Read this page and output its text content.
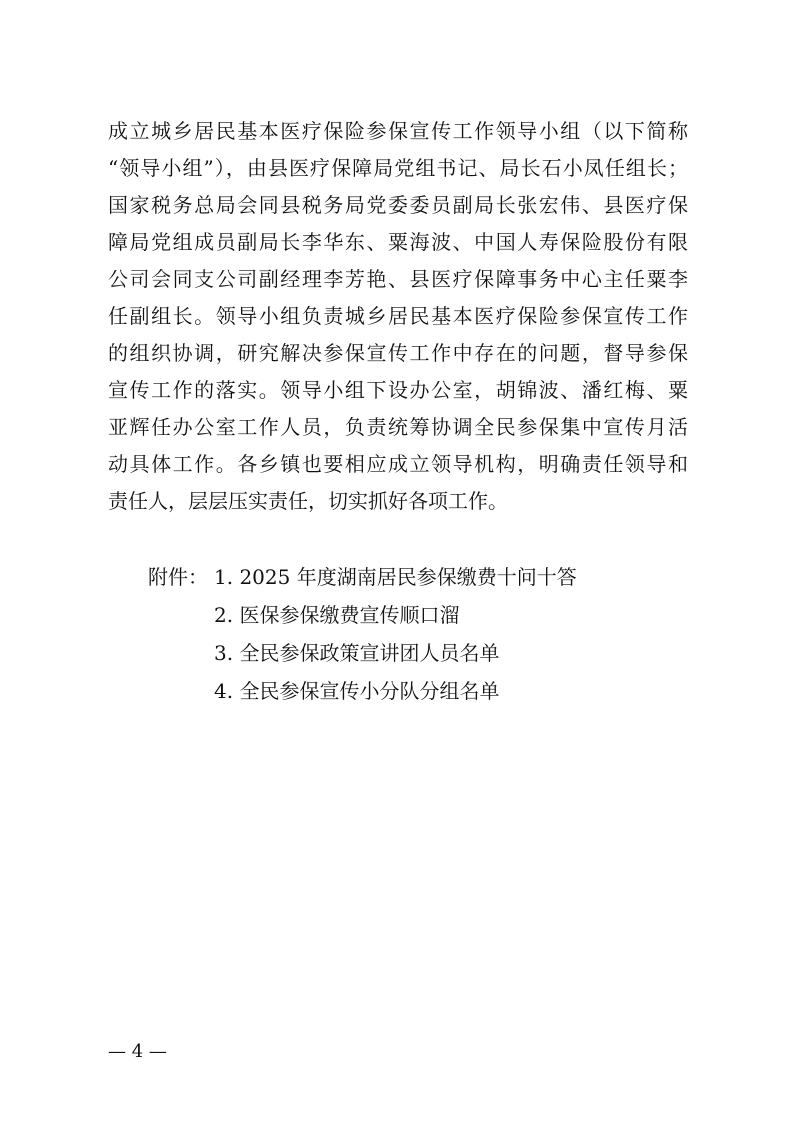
成立城乡居民基本医疗保险参保宣传工作领导小组（以下简称
“领导小组”），由县医疗保障局党组书记、局长石小凤任组长；
国家税务总局会同县税务局党委委员副局长张宏伟、县医疗保
障局党组成员副局长李华东、粟海波、中国人寿保险股份有限
公司会同支公司副经理李芳艳、县医疗保障事务中心主任粟李
任副组长。领导小组负责城乡居民基本医疗保险参保宣传工作
的组织协调，研究解决参保宣传工作中存在的问题，督导参保
宣传工作的落实。领导小组下设办公室，胡锦波、潘红梅、粟
亚辉任办公室工作人员，负责统筹协调全民参保集中宣传月活
动具体工作。各乡镇也要相应成立领导机构，明确责任领导和
责任人，层层压实责任，切实抓好各项工作。
附件： 1. 2025 年度湖南居民参保缴费十问十答
2. 医保参保缴费宣传顺口溜
3. 全民参保政策宣讲团人员名单
4. 全民参保宣传小分队分组名单
— 4 —
